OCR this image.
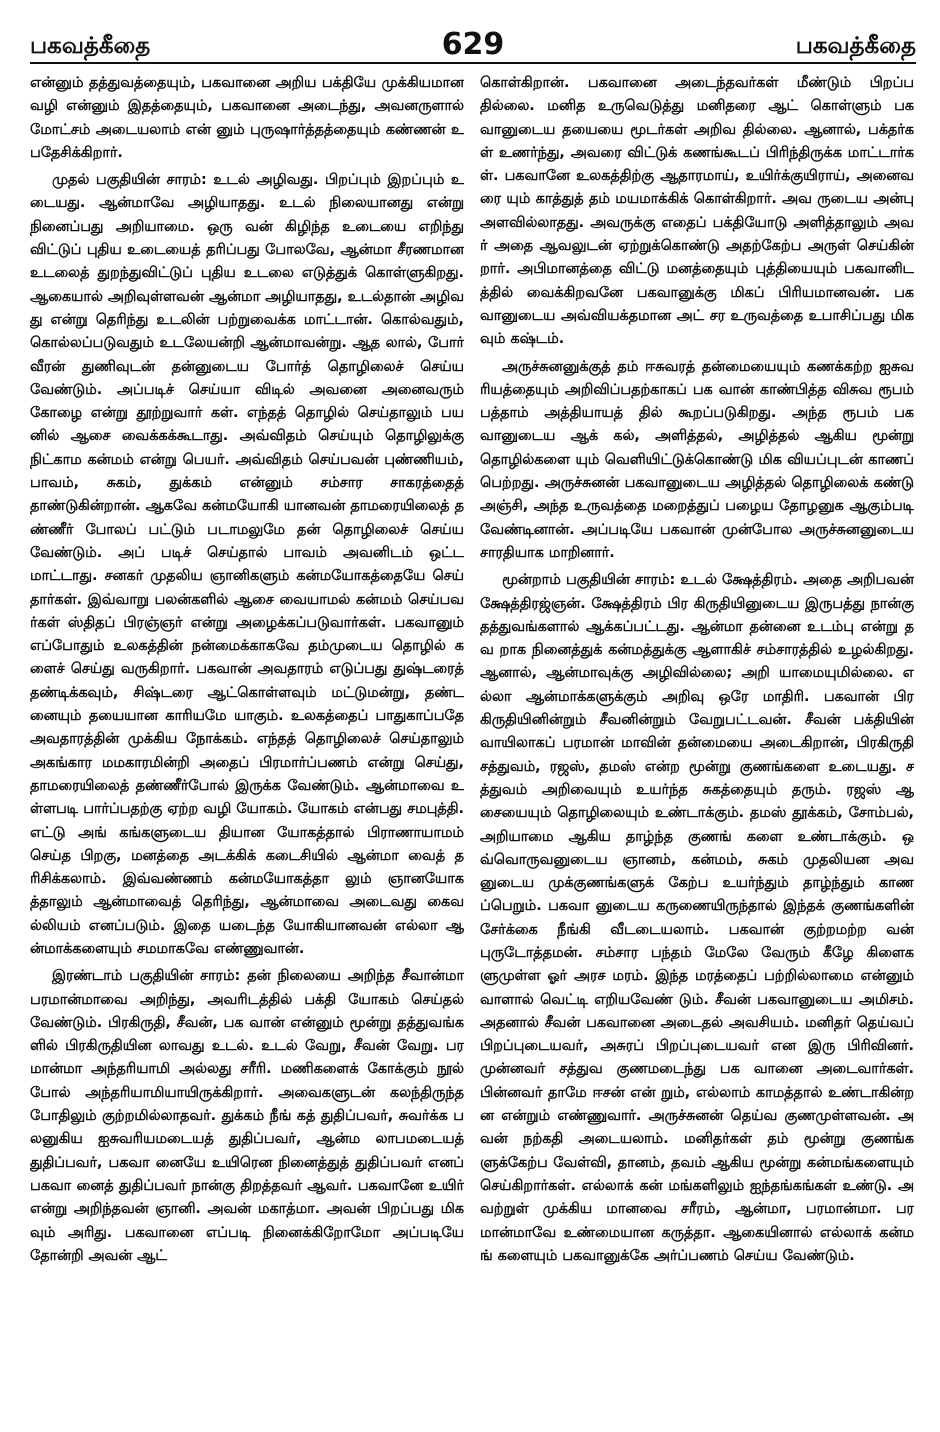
பகவத்கீதை	629	பகவத்கீதை

என்னும் தத்துவத்தையும், பகவானை அறிய பக்தியே முக்கியமான வழி என்னும் இதத்தையும், பகவானை அடைந்து, அவனருளால் மோட்சம் அடையலாம் என் னும் புருஷார்த்தத்தையும் கண்ணன் உபதேசிக்கிறார்.

முதல் பகுதியின் சாரம்: உடல் அழிவது. பிறப்பும் இறப்பும் உடையது. ஆன்மாவே அழியாதது. உடல் நிலையானது என்று நினைப்பது அறியாமை. ஒரு வன் கிழிந்த உடையை எறிந்து விட்டுப் புதிய உடையைத் தரிப்பது போலவே, ஆன்மா சீரணமான உடலைத் துறந்துவிட்டுப் புதிய உடலை எடுத்துக் கொள்ளுகிறது. ஆகையால் அறிவுள்ளவன் ஆன்மா அழியாதது, உடல்தான் அழிவது என்று தெரிந்து உடலின் பற்றுவைக்க மாட்டான். கொல்வதும், கொல்லப்படுவதும் உடலேயன்றி ஆன்மாவன்று. ஆத லால், போர் வீரன் துணிவுடன் தன்னுடைய போர்த் தொழிலைச் செய்ய வேண்டும். அப்படிச் செய்யா விடில் அவனை அனைவரும் கோழை என்று தூற்றுவார் கள். எந்தத் தொழில் செய்தாலும் பயனில் ஆசை வைக்கக்கூடாது. அவ்விதம் செய்யும் தொழிலுக்கு நிட்காம கன்மம் என்று பெயர். அவ்விதம் செய்பவன் புண்ணியம், பாவம், சுகம், துக்கம் என்னும் சம்சார சாகரத்தைத் தாண்டுகின்றான். ஆகவே கன்மயோகி யானவன் தாமரையிலைத் தண்ணீர் போலப் பட்டும் படாமலுமே தன் தொழிலைச் செய்ய வேண்டும். அப் படிச் செய்தால் பாவம் அவனிடம் ஒட்டமாட்டாது. சனகர் முதலிய ஞானிகளும் கன்மயோகத்தையே செய் தார்கள். இவ்வாறு பலன்களில் ஆசை வையாமல் கன்மம் செய்பவர்கள் ஸ்திதப் பிரஞ்ஞர் என்று அழைக்கப்படுவார்கள். பகவானும் எப்போதும் உலகத்தின் நன்மைக்காகவே தம்முடைய தொழில் களைச் செய்து வருகிறார். பகவான் அவதாரம் எடுப்பது துஷ்டரைத் தண்டிக்கவும், சிஷ்டரை ஆட்கொள்ளவும் மட்டுமன்று, தண்டனையும் தயையான காரியமே யாகும். உலகத்தைப் பாதுகாப்பதே அவதாரத்தின் முக்கிய நோக்கம். எந்தத் தொழிலைச் செய்தாலும் அகங்கார மமகாரமின்றி அதைப் பிரமார்ப்பணம் என்று செய்து, தாமரையிலைத் தண்ணீர்போல் இருக்க வேண்டும். ஆன்மாவை உள்ளபடி பார்ப்பதற்கு ஏற்ற வழி யோகம். யோகம் என்பது சமபுத்தி. எட்டு அங் கங்களுடைய தியான யோகத்தால் பிராணாயாமம் செய்த பிறகு, மனத்தை அடக்கிக் கடைசியில் ஆன்மா வைத் தரிசிக்கலாம். இவ்வண்ணம் கன்மயோகத்தா லும் ஞானயோகத்தாலும் ஆன்மாவைத் தெரிந்து, ஆன்மாவை அடைவது கைவல்லியம் எனப்படும். இதை யடைந்த யோகியானவன் எல்லா ஆன்மாக்களையும் சமமாகவே எண்ணுவான்.

இரண்டாம் பகுதியின் சாரம்: தன் நிலையை அறிந்த சீவான்மா பரமான்மாவை அறிந்து, அவரிடத்தில் பக்தி யோகம் செய்தல் வேண்டும். பிரகிருதி, சீவன், பக வான் என்னும் மூன்று தத்துவங்களில் பிரகிருதியின லாவது உடல். உடல் வேறு, சீவன் வேறு. பரமான்மா அந்தரியாமி அல்லது சரீரி. மணிகளைக் கோக்கும் நூல் போல் அந்தரியாமியாயிருக்கிறார். அவைகளுடன் கலந்திருந்த போதிலும் குற்றமில்லாதவர். துக்கம் நீங் கத் துதிப்பவர், சுவர்க்க பலனுகிய ஐசுவரியமடையத் துதிப்பவர், ஆன்ம லாபமடையத் துதிப்பவர், பகவா னையே உயிரென நினைத்துத் துதிப்பவர் எனப் பகவா னைத் துதிப்பவர் நான்கு திறத்தவர் ஆவர். பகவானே உயிர் என்று அறிந்தவன் ஞானி. அவன் மகாத்மா. அவன் பிறப்பது மிகவும் அரிது. பகவானை எப்படி நினைக்கிறோமோ அப்படியே தோன்றி அவன் ஆட்

கொள்கிறான். பகவானை அடைந்தவர்கள் மீண்டும் பிறப்பதில்லை. மனித உருவெடுத்து மனிதரை ஆட் கொள்ளும் பகவானுடைய தயையை மூடர்கள் அறிவ தில்லை. ஆனால், பக்தர்கள் உணர்ந்து, அவரை விட்டுக் கணங்கூடப் பிரிந்திருக்க மாட்டார்கள். பகவானே உலகத்திற்கு ஆதாரமாய், உயிர்க்குயிராய், அனைவரை யும் காத்துத் தம் மயமாக்கிக் கொள்கிறார். அவ ருடைய அன்பு அளவில்லாதது. அவருக்கு எதைப் பக்தியோடு அளித்தாலும் அவர் அதை ஆவலுடன் ஏற்றுக்கொண்டு அதற்கேற்ப அருள் செய்கின் றார். அபிமானத்தை விட்டு மனத்தையும் புத்தியையும் பகவானிடத்தில் வைக்கிறவனே பகவானுக்கு மிகப் பிரியமானவன். பகவானுடைய அவ்வியக்தமான அட் சர உருவத்தை உபாசிப்பது மிகவும் கஷ்டம்.

அருச்சுனனுக்குத் தம் ஈசுவரத் தன்மையையும் கணக்கற்ற ஐசுவரியத்தையும் அறிவிப்பதற்காகப் பக வான் காண்பித்த விசுவ ரூபம் பத்தாம் அத்தியாயத் தில் கூறப்படுகிறது. அந்த ரூபம் பகவானுடைய ஆக் கல், அளித்தல், அழித்தல் ஆகிய மூன்று தொழில்களை யும் வெளியிட்டுக்கொண்டு மிக வியப்புடன் காணப் பெற்றது. அருச்சுனன் பகவானுடைய அழித்தல் தொழிலைக் கண்டு அஞ்சி, அந்த உருவத்தை மறைத்துப் பழைய தோழனுக ஆகும்படி வேண்டினான். அப்படியே பகவான் முன்போல அருச்சுனனுடைய சாரதியாக மாறினார்.

மூன்றாம் பகுதியின் சாரம்: உடல் க்ஷேத்திரம். அதை அறிபவன் க்ஷேத்திரஜ்ஞன். க்ஷேத்திரம் பிர கிருதியினுடைய இருபத்து நான்கு தத்துவங்களால் ஆக்கப்பட்டது. ஆன்மா தன்னை உடம்பு என்று தவ றாக நினைத்துக் கன்மத்துக்கு ஆளாகிச் சம்சாரத்தில் உழல்கிறது. ஆனால், ஆன்மாவுக்கு அழிவில்லை; அறி யாமையுமில்லை. எல்லா ஆன்மாக்களுக்கும் அறிவு ஒரே மாதிரி. பகவான் பிரகிருதியினின்றும் சீவனின்றும் வேறுபட்டவன். சீவன் பக்தியின் வாயிலாகப் பரமான் மாவின் தன்மையை அடைகிறான், பிரகிருதி சத்துவம், ரஜஸ், தமஸ் என்ற மூன்று குணங்களை உடையது. சத்துவம் அறிவையும் உயர்ந்த சுகத்தையும் தரும். ரஜஸ் ஆசையையும் தொழிலையும் உண்டாக்கும். தமஸ் தூக்கம், சோம்பல், அறியாமை ஆகிய தாழ்ந்த குணங் களை உண்டாக்கும். ஒவ்வொருவனுடைய ஞானம், கன்மம், சுகம் முதலியன அவனுடைய முக்குணங்களுக் கேற்ப உயர்ந்தும் தாழ்ந்தும் காணப்பெறும். பகவா னுடைய கருணையிருந்தால் இந்தக் குணங்களின் சேர்க்கை நீங்கி வீடடையலாம். பகவான் குற்றமற்ற வன் புருடோத்தமன். சம்சார பந்தம் மேலே வேரும் கீழே கிளைகளுமுள்ள ஓர் அரச மரம். இந்த மரத்தைப் பற்றில்லாமை என்னும் வாளால் வெட்டி எறியவேண் டும். சீவன் பகவானுடைய அமிசம். அதனால் சீவன் பகவானை அடைதல் அவசியம். மனிதர் தெய்வப் பிறப்புடையவர், அசுரப் பிறப்புடையவர் என இரு பிரிவினர். முன்னவர் சத்துவ குணமடைந்து பக வானை அடைவார்கள். பின்னவர் தாமே ஈசன் என் றும், எல்லாம் காமத்தால் உண்டாகின்றன என்றும் எண்ணுவார். அருச்சுனன் தெய்வ குணமுள்ளவன். அவன் நற்கதி அடையலாம். மனிதர்கள் தம் மூன்று குணங்களுக்கேற்ப வேள்வி, தானம், தவம் ஆகிய மூன்று கன்மங்களையும் செய்கிறார்கள். எல்லாக் கன் மங்களிலும் ஐந்தங்கங்கள் உண்டு. அவற்றுள் முக்கிய மானவை சரீரம், ஆன்மா, பரமான்மா. பரமான்மாவே உண்மையான கருத்தா. ஆகையினால் எல்லாக் கன்மங் களையும் பகவானுக்கே அர்ப்பணம் செய்ய வேண்டும்.
